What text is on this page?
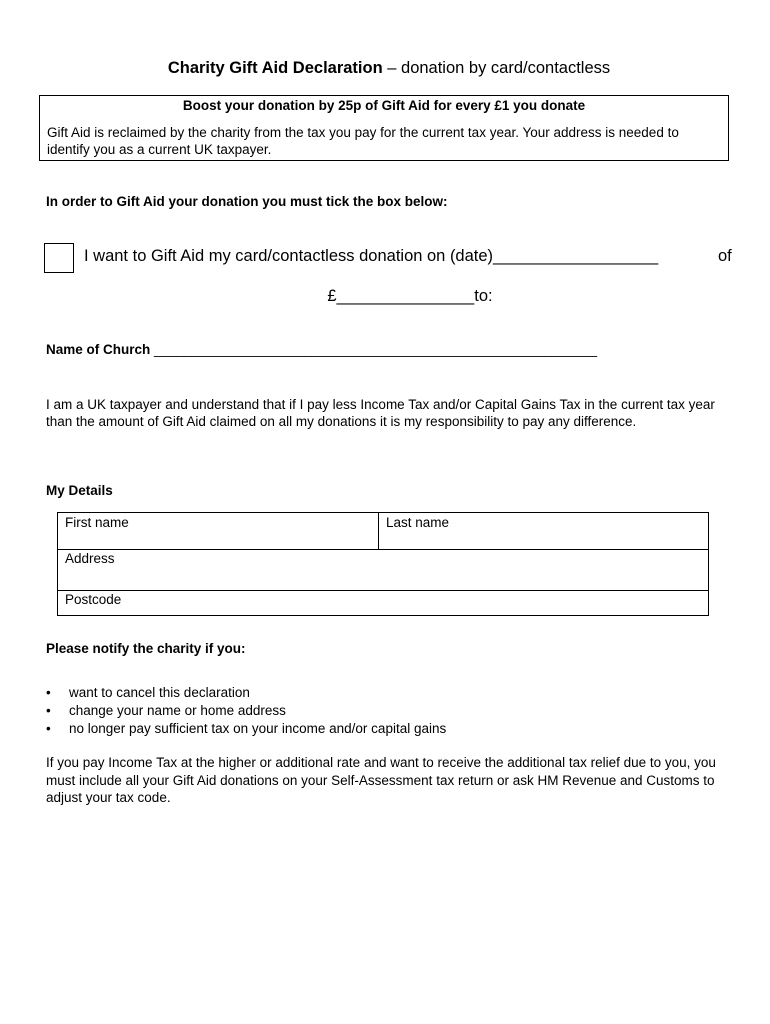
Charity Gift Aid Declaration – donation by card/contactless
Boost your donation by 25p of Gift Aid for every £1 you donate
Gift Aid is reclaimed by the charity from the tax you pay for the current tax year. Your address is needed to identify you as a current UK taxpayer.
In order to Gift Aid your donation you must tick the box below:
I want to Gift Aid my card/contactless donation on (date)__________________	of
£_______________to:
Name of Church ___________________________________________________________
I am a UK taxpayer and understand that if I pay less Income Tax and/or Capital Gains Tax in the current tax year than the amount of Gift Aid claimed on all my donations it is my responsibility to pay any difference.
My Details
First name	Last name
Address
Postcode
Please notify the charity if you:
• want to cancel this declaration
• change your name or home address
• no longer pay sufficient tax on your income and/or capital gains
If you pay Income Tax at the higher or additional rate and want to receive the additional tax relief due to you, you must include all your Gift Aid donations on your Self-Assessment tax return or ask HM Revenue and Customs to adjust your tax code.
